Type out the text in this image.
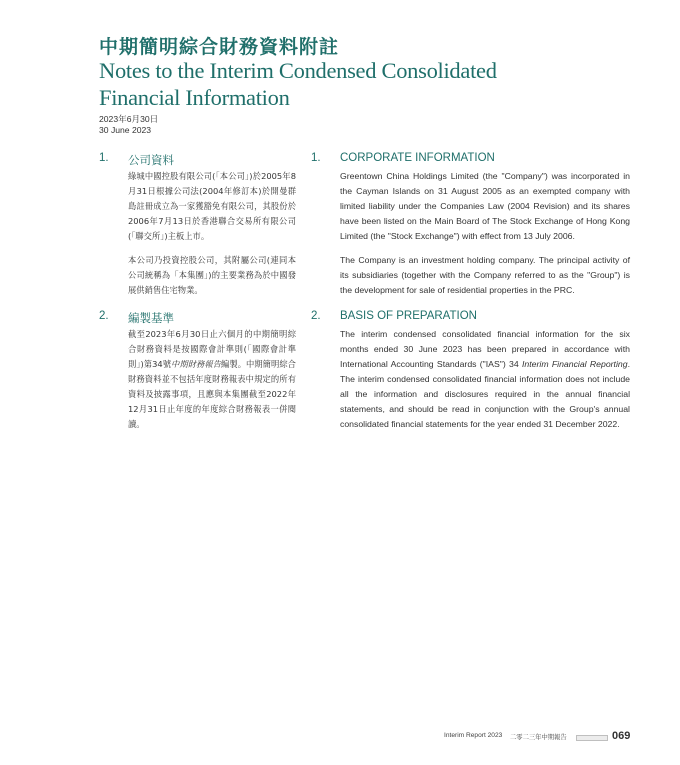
中期簡明綜合財務資料附註
Notes to the Interim Condensed Consolidated
Financial Information
2023年6月30日
30 June 2023
1. 公司資料	1. CORPORATE INFORMATION
綠城中國控股有限公司(「本公司」)於2005年8月31日根據公司法(2004年修訂本)於開曼群島註冊成立為一家獲豁免有限公司，其股份於2006年7月13日於香港聯合交易所有限公司(「聯交所」)主板上市。
本公司乃投資控股公司，其附屬公司(連同本公司統稱為「本集團」)的主要業務為於中國發展供銷售住宅物業。
Greentown China Holdings Limited (the "Company") was incorporated in the Cayman Islands on 31 August 2005 as an exempted company with limited liability under the Companies Law (2004 Revision) and its shares have been listed on the Main Board of The Stock Exchange of Hong Kong Limited (the "Stock Exchange") with effect from 13 July 2006.
The Company is an investment holding company. The principal activity of its subsidiaries (together with the Company referred to as the "Group") is the development for sale of residential properties in the PRC.
2. 編製基準	2. BASIS OF PREPARATION
截至2023年6月30日止六個月的中期簡明綜合財務資料是按國際會計準則(「國際會計準則」)第34號中期財務報告編製。中期簡明綜合財務資料並不包括年度財務報表中規定的所有資料及披露事項，且應與本集團截至2022年12月31日止年度的年度綜合財務報表一併閱讀。
The interim condensed consolidated financial information for the six months ended 30 June 2023 has been prepared in accordance with International Accounting Standards ("IAS") 34 Interim Financial Reporting. The interim condensed consolidated financial information does not include all the information and disclosures required in the annual financial statements, and should be read in conjunction with the Group's annual consolidated financial statements for the year ended 31 December 2022.
Interim Report 2023 二零二三年中期報告	069
